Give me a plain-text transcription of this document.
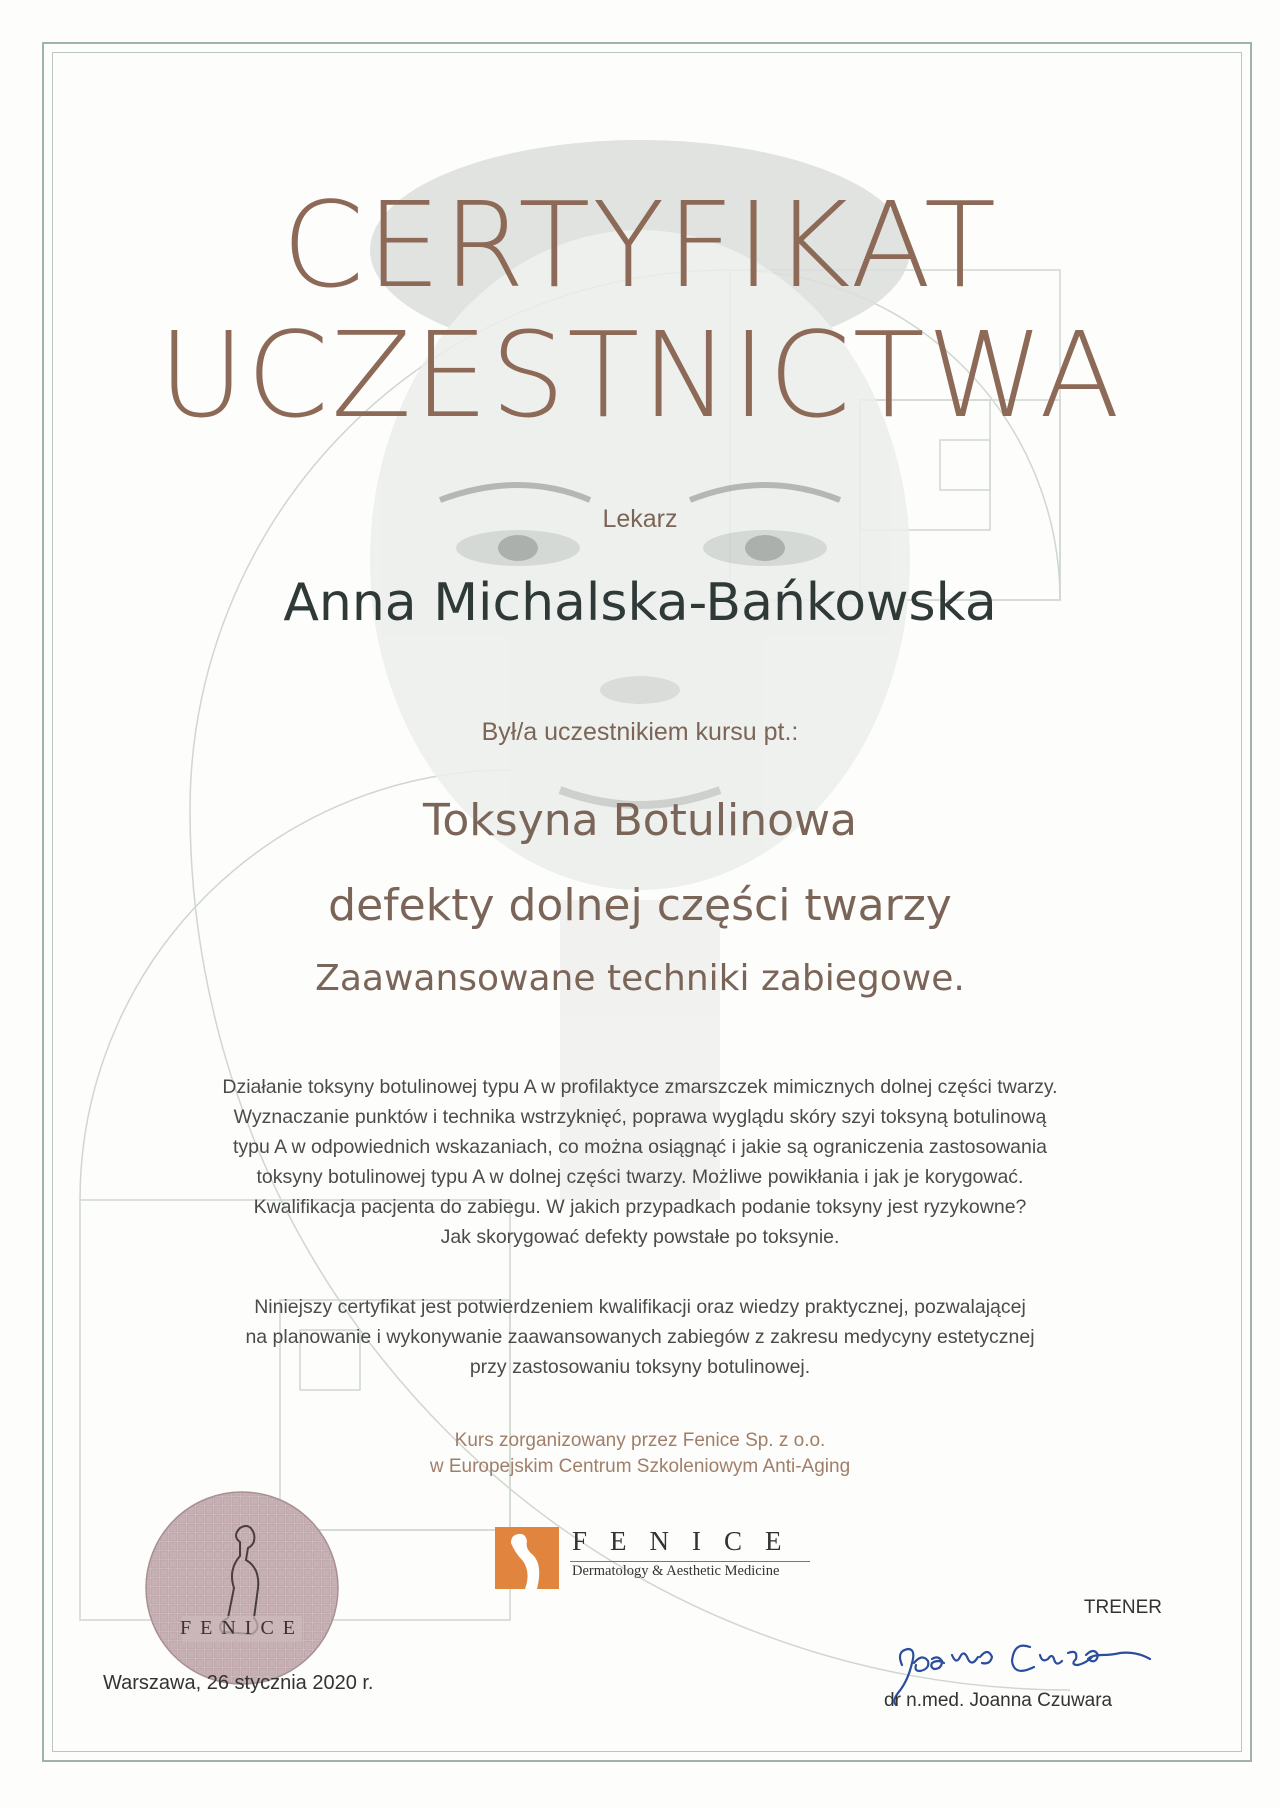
CERTYFIKAT
UCZESTNICTWA
Lekarz
Anna Michalska-Bańkowska
Był/a uczestnikiem kursu pt.:
Toksyna Botulinowa
defekty dolnej części twarzy
Zaawansowane techniki zabiegowe.
Działanie toksyny botulinowej typu A w profilaktyce zmarszczek mimicznych dolnej części twarzy.
Wyznaczanie punktów i technika wstrzyknięć, poprawa wyglądu skóry szyi toksyną botulinową
typu A w odpowiednich wskazaniach, co można osiągnąć i jakie są ograniczenia zastosowania
toksyny botulinowej typu A w dolnej części twarzy. Możliwe powikłania i jak je korygować.
Kwalifikacja pacjenta do zabiegu. W jakich przypadkach podanie toksyny jest ryzykowne?
Jak skorygować defekty powstałe po toksynie.
Niniejszy certyfikat jest potwierdzeniem kwalifikacji oraz wiedzy praktycznej, pozwalającej
na planowanie i wykonywanie zaawansowanych zabiegów z zakresu medycyny estetycznej
przy zastosowaniu toksyny botulinowej.
Kurs zorganizowany przez Fenice Sp. z o.o.
w Europejskim Centrum Szkoleniowym Anti-Aging
FENICE
FENICE
Dermatology & Aesthetic Medicine
Warszawa, 26 stycznia 2020 r.
TRENER
dr n.med. Joanna Czuwara
